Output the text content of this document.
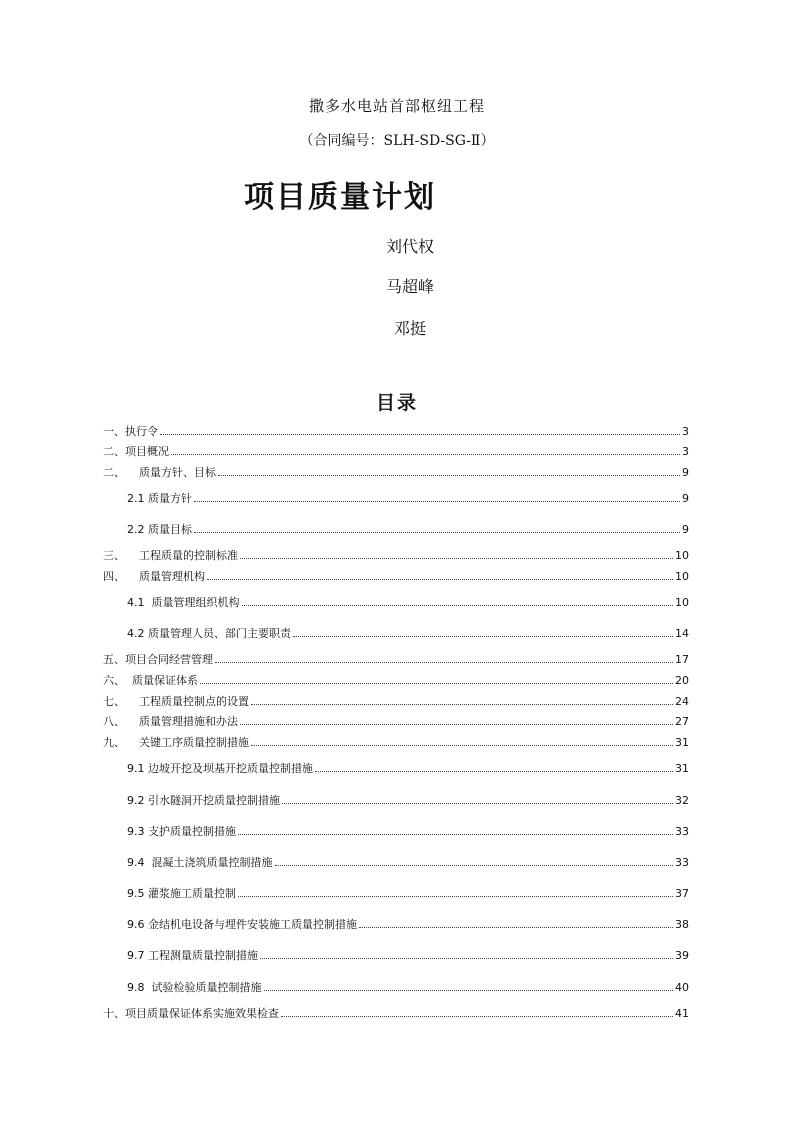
撒多水电站首部枢纽工程
（合同编号：SLH-SD-SG-Ⅱ）
项目质量计划
刘代权
马超峰
邓挺
目录
一、执行令	3
二、项目概况	3
二、    质量方针、目标	9
2.1 质量方针	9
2.2 质量目标	9
三、    工程质量的控制标准	10
四、    质量管理机构	10
4.1  质量管理组织机构	10
4.2 质量管理人员、部门主要职责	14
五、项目合同经营管理	17
六、  质量保证体系	20
七、    工程质量控制点的设置	24
八、    质量管理措施和办法	27
九、    关键工序质量控制措施	31
9.1 边坡开挖及坝基开挖质量控制措施	31
9.2 引水隧洞开挖质量控制措施	32
9.3 支护质量控制措施	33
9.4  混凝土浇筑质量控制措施	33
9.5 灌浆施工质量控制	37
9.6 金结机电设备与埋件安装施工质量控制措施	38
9.7 工程测量质量控制措施	39
9.8  试验检验质量控制措施	40
十、项目质量保证体系实施效果检查	41
